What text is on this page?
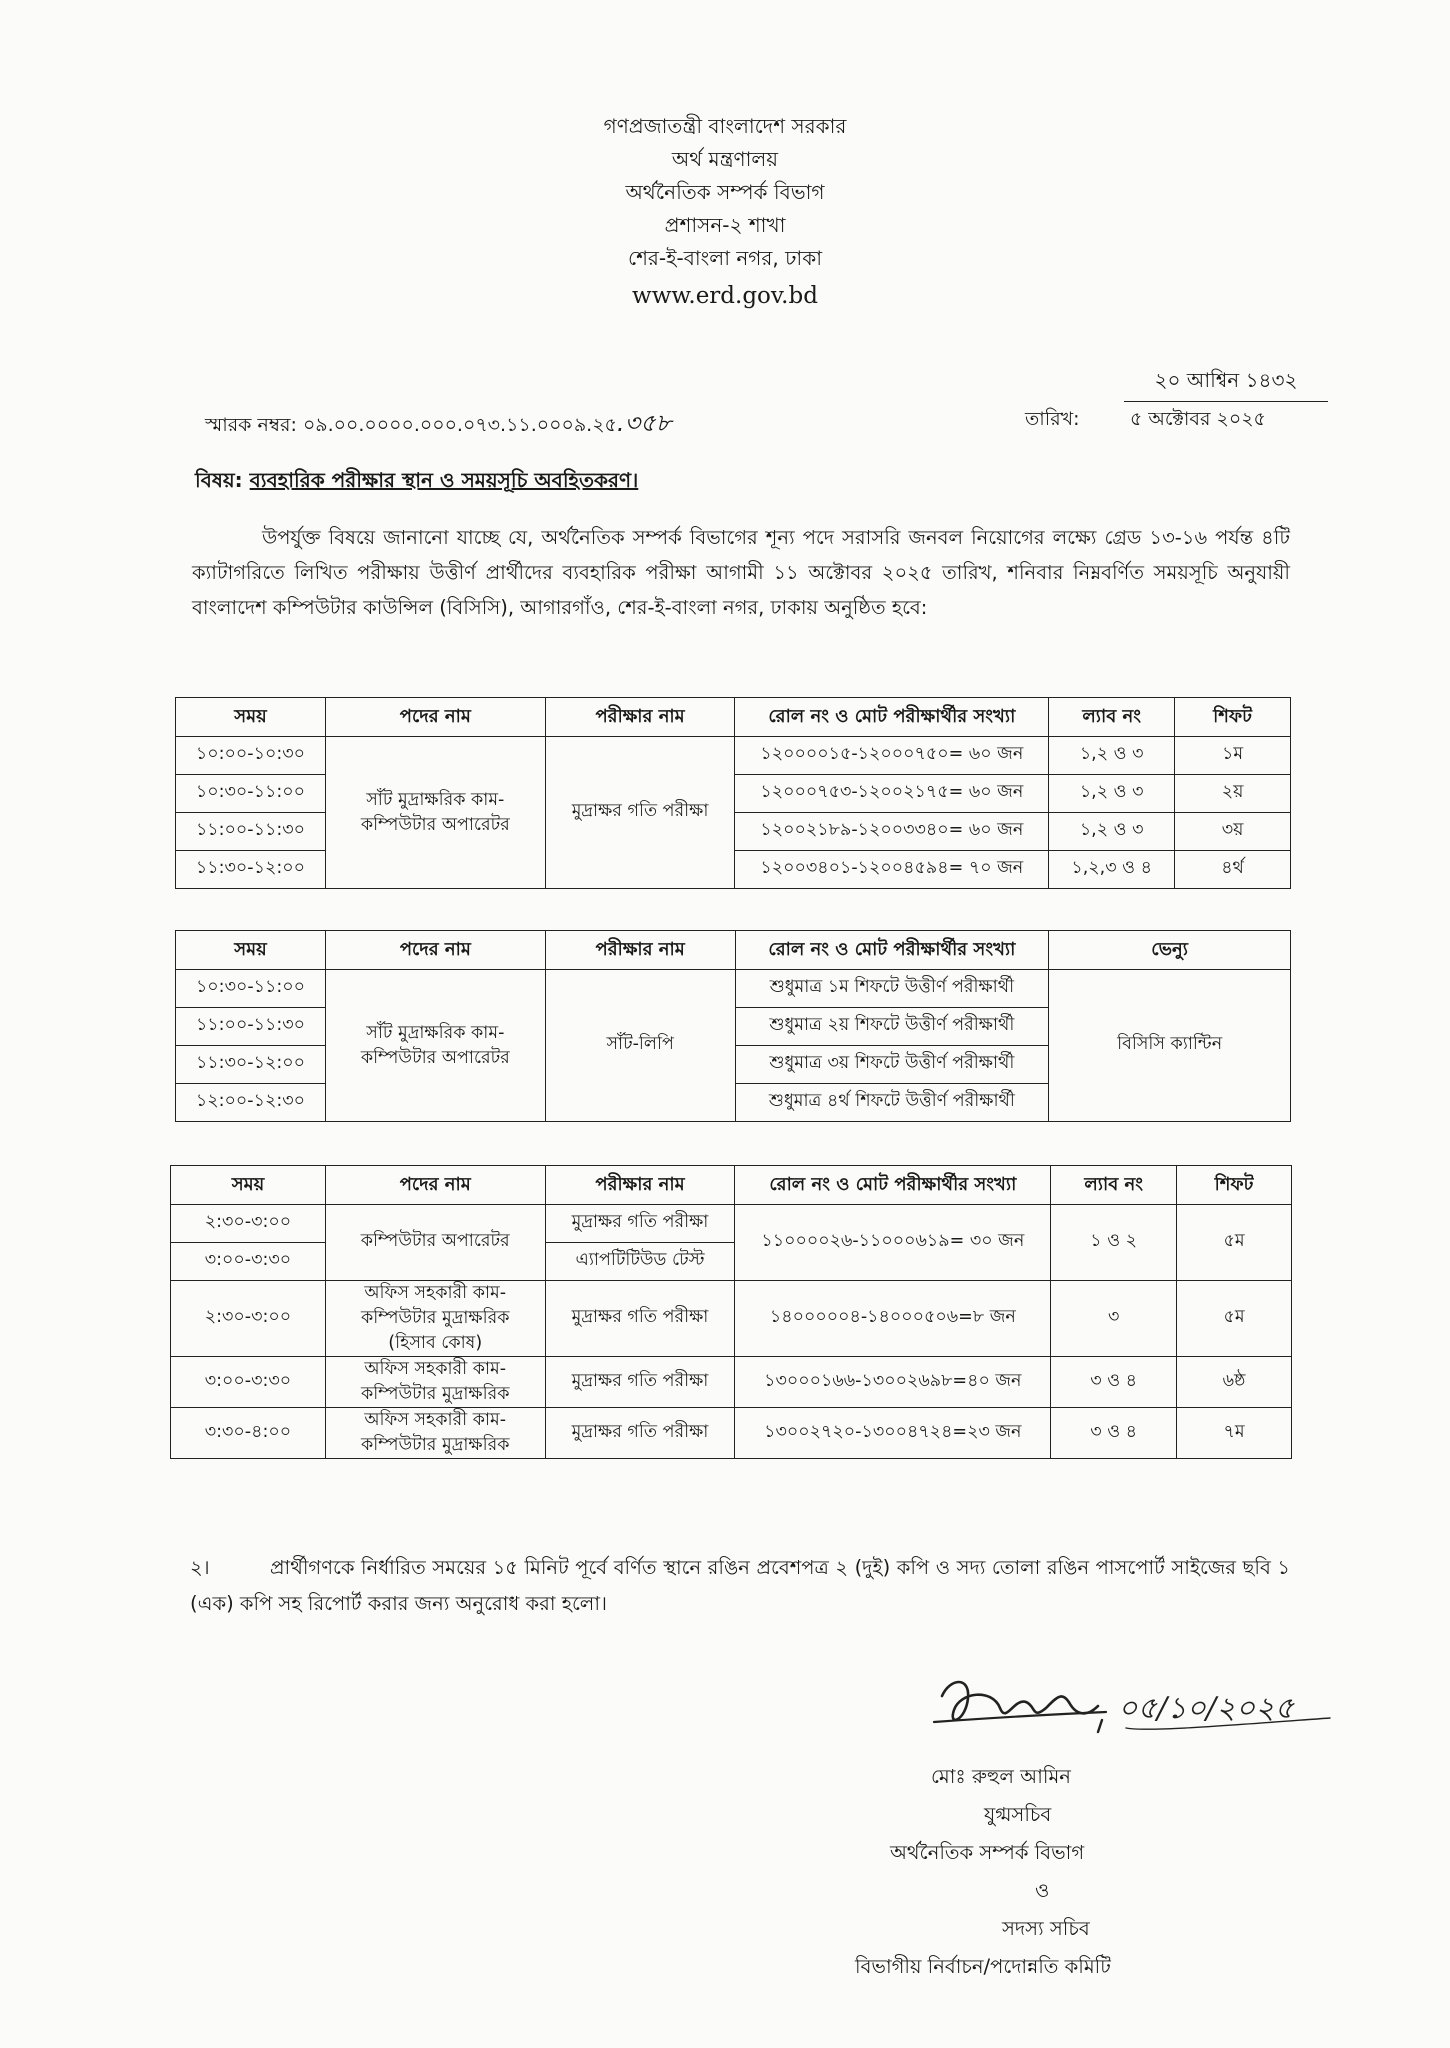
গণপ্রজাতন্ত্রী বাংলাদেশ সরকার
অর্থ মন্ত্রণালয়
অর্থনৈতিক সম্পর্ক বিভাগ
প্রশাসন-২ শাখা
শের-ই-বাংলা নগর, ঢাকা
www.erd.gov.bd
স্মারক নম্বর: ০৯.০০.০০০০.০০০.০৭৩.১১.০০০৯.২৫.৩৫৮
২০ আশ্বিন ১৪৩২
তারিখ:	৫ অক্টোবর ২০২৫
বিষয়: ব্যবহারিক পরীক্ষার স্থান ও সময়সূচি অবহিতকরণ।

উপর্যুক্ত বিষয়ে জানানো যাচ্ছে যে, অর্থনৈতিক সম্পর্ক বিভাগের শূন্য পদে সরাসরি জনবল নিয়োগের লক্ষ্যে গ্রেড ১৩-১৬ পর্যন্ত ৪টি ক্যাটাগরিতে লিখিত পরীক্ষায় উত্তীর্ণ প্রার্থীদের ব্যবহারিক পরীক্ষা আগামী ১১ অক্টোবর ২০২৫ তারিখ, শনিবার নিম্নবর্ণিত সময়সূচি অনুযায়ী বাংলাদেশ কম্পিউটার কাউন্সিল (বিসিসি), আগারগাঁও, শের-ই-বাংলা নগর, ঢাকায় অনুষ্ঠিত হবে:

সময়	পদের নাম	পরীক্ষার নাম	রোল নং ও মোট পরীক্ষার্থীর সংখ্যা	ল্যাব নং	শিফট
১০:০০-১০:৩০	সাঁট মুদ্রাক্ষরিক কাম-কম্পিউটার অপারেটর	মুদ্রাক্ষর গতি পরীক্ষা	১২০০০০১৫-১২০০০৭৫০= ৬০ জন	১,২ ও ৩	১ম
১০:৩০-১১:০০			১২০০০৭৫৩-১২০০২১৭৫= ৬০ জন	১,২ ও ৩	২য়
১১:০০-১১:৩০			১২০০২১৮৯-১২০০৩৩৪০= ৬০ জন	১,২ ও ৩	৩য়
১১:৩০-১২:০০			১২০০৩৪০১-১২০০৪৫৯৪= ৭০ জন	১,২,৩ ও ৪	৪র্থ
সময়	পদের নাম	পরীক্ষার নাম	রোল নং ও মোট পরীক্ষার্থীর সংখ্যা	ভেন্যু
১০:৩০-১১:০০	সাঁট মুদ্রাক্ষরিক কাম-কম্পিউটার অপারেটর	সাঁট-লিপি	শুধুমাত্র ১ম শিফটে উত্তীর্ণ পরীক্ষার্থী	বিসিসি ক্যান্টিন
১১:০০-১১:৩০			শুধুমাত্র ২য় শিফটে উত্তীর্ণ পরীক্ষার্থী	
১১:৩০-১২:০০			শুধুমাত্র ৩য় শিফটে উত্তীর্ণ পরীক্ষার্থী	
১২:০০-১২:৩০			শুধুমাত্র ৪র্থ শিফটে উত্তীর্ণ পরীক্ষার্থী	
সময়	পদের নাম	পরীক্ষার নাম	রোল নং ও মোট পরীক্ষার্থীর সংখ্যা	ল্যাব নং	শিফট
২:৩০-৩:০০	কম্পিউটার অপারেটর	মুদ্রাক্ষর গতি পরীক্ষা	১১০০০০২৬-১১০০০৬১৯= ৩০ জন	১ ও ২	৫ম
৩:০০-৩:৩০		এ্যাপটিটিউড টেস্ট			
২:৩০-৩:০০	অফিস সহকারী কাম-
কম্পিউটার মুদ্রাক্ষরিক
(হিসাব কোষ)	মুদ্রাক্ষর গতি পরীক্ষা	১৪০০০০০৪-১৪০০০৫০৬=৮ জন	৩	৫ম
৩:০০-৩:৩০	অফিস সহকারী কাম-
কম্পিউটার মুদ্রাক্ষরিক	মুদ্রাক্ষর গতি পরীক্ষা	১৩০০০১৬৬-১৩০০২৬৯৮=৪০ জন	৩ ও ৪	৬ষ্ঠ
৩:৩০-৪:০০	অফিস সহকারী কাম-
কম্পিউটার মুদ্রাক্ষরিক	মুদ্রাক্ষর গতি পরীক্ষা	১৩০০২৭২০-১৩০০৪৭২৪=২৩ জন	৩ ও ৪	৭ম

২।	প্রার্থীগণকে নির্ধারিত সময়ের ১৫ মিনিট পূর্বে বর্ণিত স্থানে রঙিন প্রবেশপত্র ২ (দুই) কপি ও সদ্য তোলা রঙিন পাসপোর্ট সাইজের ছবি ১ (এক) কপি সহ রিপোর্ট করার জন্য অনুরোধ করা হলো।

০৫/১০/২০২৫
মোঃ রুহুল আমিন
যুগ্মসচিব
অর্থনৈতিক সম্পর্ক বিভাগ
ও
সদস্য সচিব
বিভাগীয় নির্বাচন/পদোন্নতি কমিটি
